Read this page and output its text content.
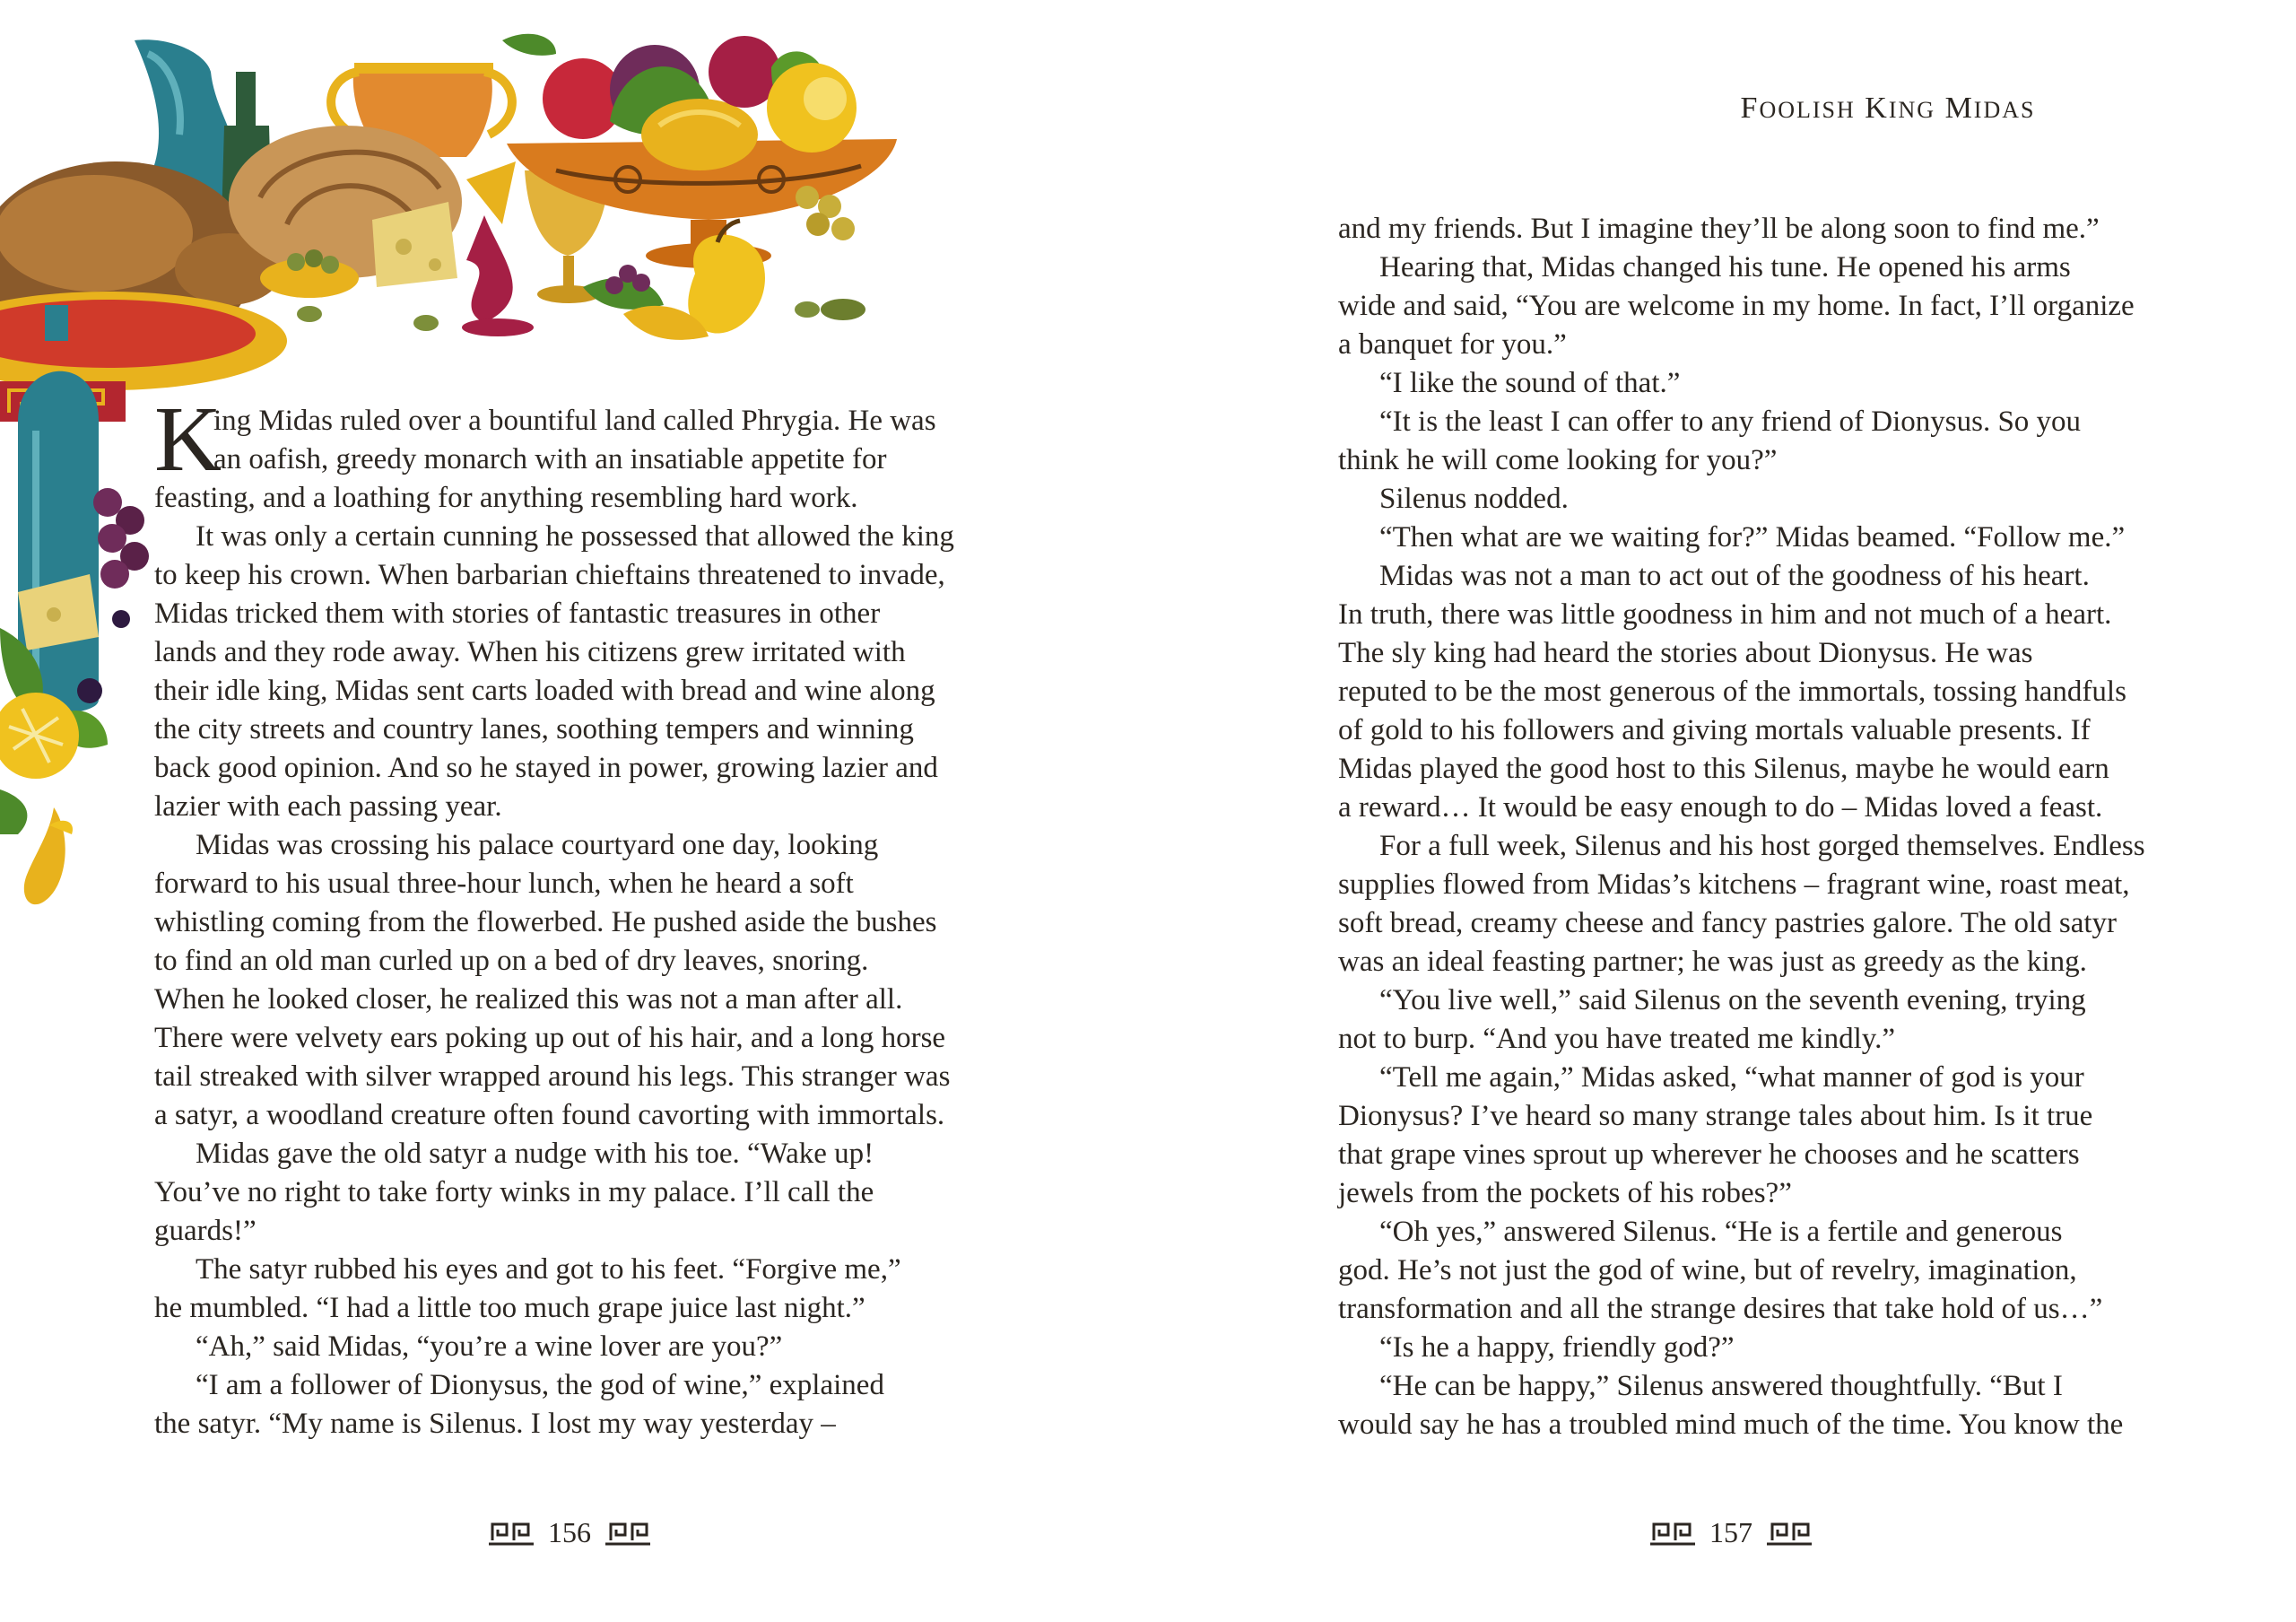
K
ing Midas ruled over a bountiful land called Phrygia. He was
an oafish, greedy monarch with an insatiable appetite for
feasting, and a loathing for anything resembling hard work.
It was only a certain cunning he possessed that allowed the king
to keep his crown. When barbarian chieftains threatened to invade,
Midas tricked them with stories of fantastic treasures in other
lands and they rode away. When his citizens grew irritated with
their idle king, Midas sent carts loaded with bread and wine along
the city streets and country lanes, soothing tempers and winning
back good opinion. And so he stayed in power, growing lazier and
lazier with each passing year.
Midas was crossing his palace courtyard one day, looking
forward to his usual three-hour lunch, when he heard a soft
whistling coming from the flowerbed. He pushed aside the bushes
to find an old man curled up on a bed of dry leaves, snoring.
When he looked closer, he realized this was not a man after all.
There were velvety ears poking up out of his hair, and a long horse
tail streaked with silver wrapped around his legs. This stranger was
a satyr, a woodland creature often found cavorting with immortals.
Midas gave the old satyr a nudge with his toe. “Wake up!
You’ve no right to take forty winks in my palace. I’ll call the
guards!”
The satyr rubbed his eyes and got to his feet. “Forgive me,”
he mumbled. “I had a little too much grape juice last night.”
“Ah,” said Midas, “you’re a wine lover are you?”
“I am a follower of Dionysus, the god of wine,” explained
the satyr. “My name is Silenus. I lost my way yesterday –
156
FOOLISH KING MIDAS
and my friends. But I imagine they’ll be along soon to find me.”
Hearing that, Midas changed his tune. He opened his arms
wide and said, “You are welcome in my home. In fact, I’ll organize
a banquet for you.”
“I like the sound of that.”
“It is the least I can offer to any friend of Dionysus. So you
think he will come looking for you?”
Silenus nodded.
“Then what are we waiting for?” Midas beamed. “Follow me.”
Midas was not a man to act out of the goodness of his heart.
In truth, there was little goodness in him and not much of a heart.
The sly king had heard the stories about Dionysus. He was
reputed to be the most generous of the immortals, tossing handfuls
of gold to his followers and giving mortals valuable presents. If
Midas played the good host to this Silenus, maybe he would earn
a reward… It would be easy enough to do – Midas loved a feast.
For a full week, Silenus and his host gorged themselves. Endless
supplies flowed from Midas’s kitchens – fragrant wine, roast meat,
soft bread, creamy cheese and fancy pastries galore. The old satyr
was an ideal feasting partner; he was just as greedy as the king.
“You live well,” said Silenus on the seventh evening, trying
not to burp. “And you have treated me kindly.”
“Tell me again,” Midas asked, “what manner of god is your
Dionysus? I’ve heard so many strange tales about him. Is it true
that grape vines sprout up wherever he chooses and he scatters
jewels from the pockets of his robes?”
“Oh yes,” answered Silenus. “He is a fertile and generous
god. He’s not just the god of wine, but of revelry, imagination,
transformation and all the strange desires that take hold of us…”
“Is he a happy, friendly god?”
“He can be happy,” Silenus answered thoughtfully. “But I
would say he has a troubled mind much of the time. You know the
157
